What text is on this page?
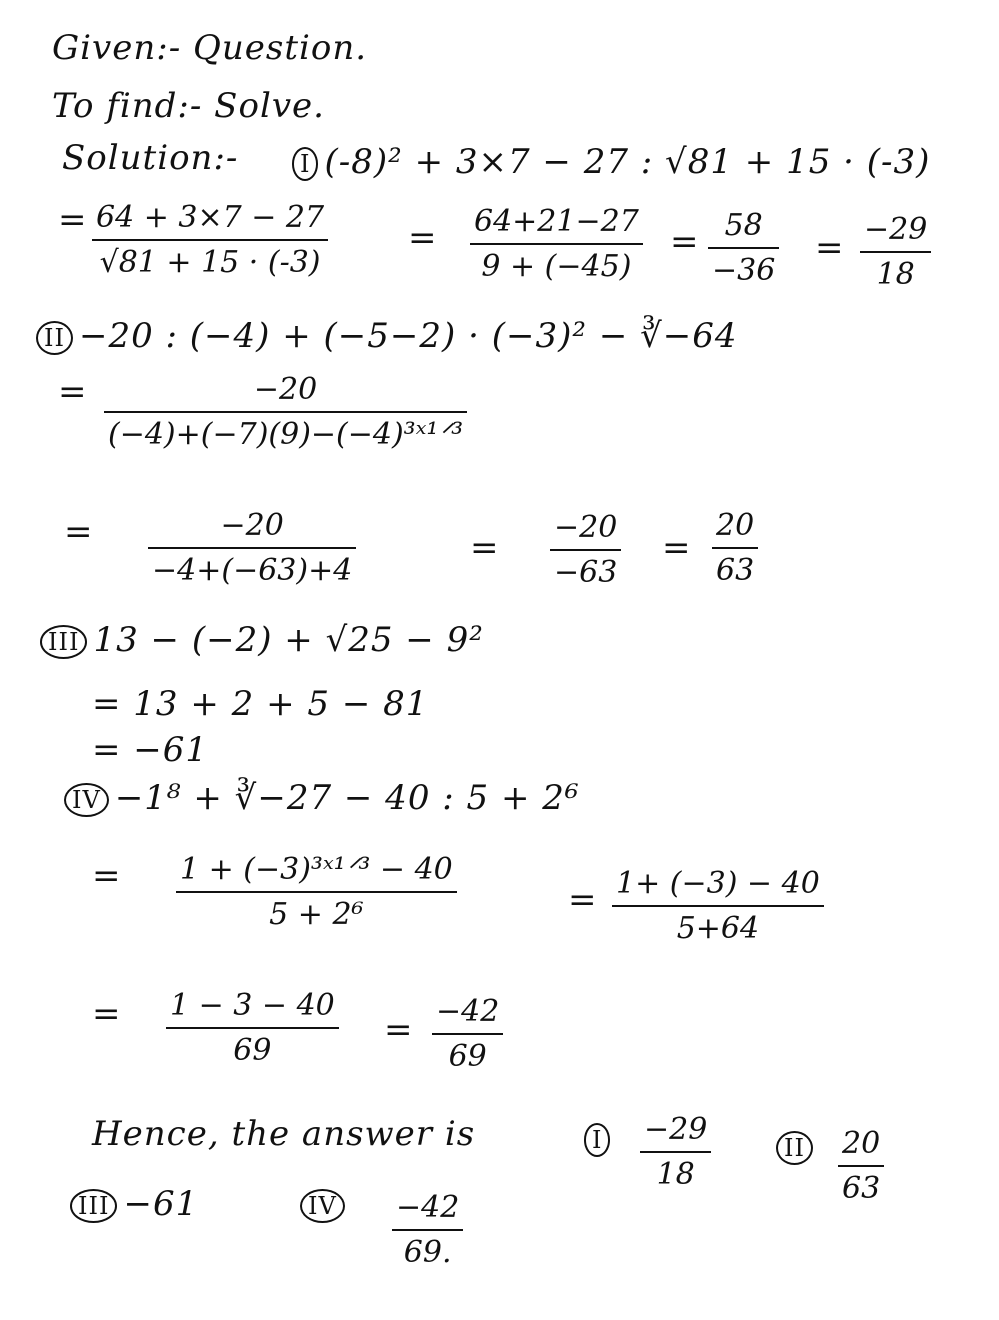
Given:- Question.
To find:- Solve.
Solution:-	I (-8)² + 3×7 − 27 : √81 + 15 · (-3)
= 64 + 3×7 − 27
√81 + 15 · (-3)
= 64+21−27
9 + (−45)
= 58
−36
= −29
18
II −20 : (−4) + (−5−2) · (−3)² − ∛−64
=	−20
(−4)+(−7)(9)−(−4)³ˣ¹ᐟ³
=	−20
−4+(−63)+4
=
−20
−63
=
20
63
III 13 − (−2) + √25 − 9²
= 13 + 2 + 5 − 81
= −61
IV −1⁸ + ∛−27 − 40 : 5 + 2⁶
= 1 + (−3)³ˣ¹ᐟ³ − 40
5 + 2⁶	= 1+ (−3) − 40
5+64
= 1 − 3 − 40
69
= −42
69
Hence, the answer is	I	−29
18
II	20
63
III −61	IV	−42
69.
